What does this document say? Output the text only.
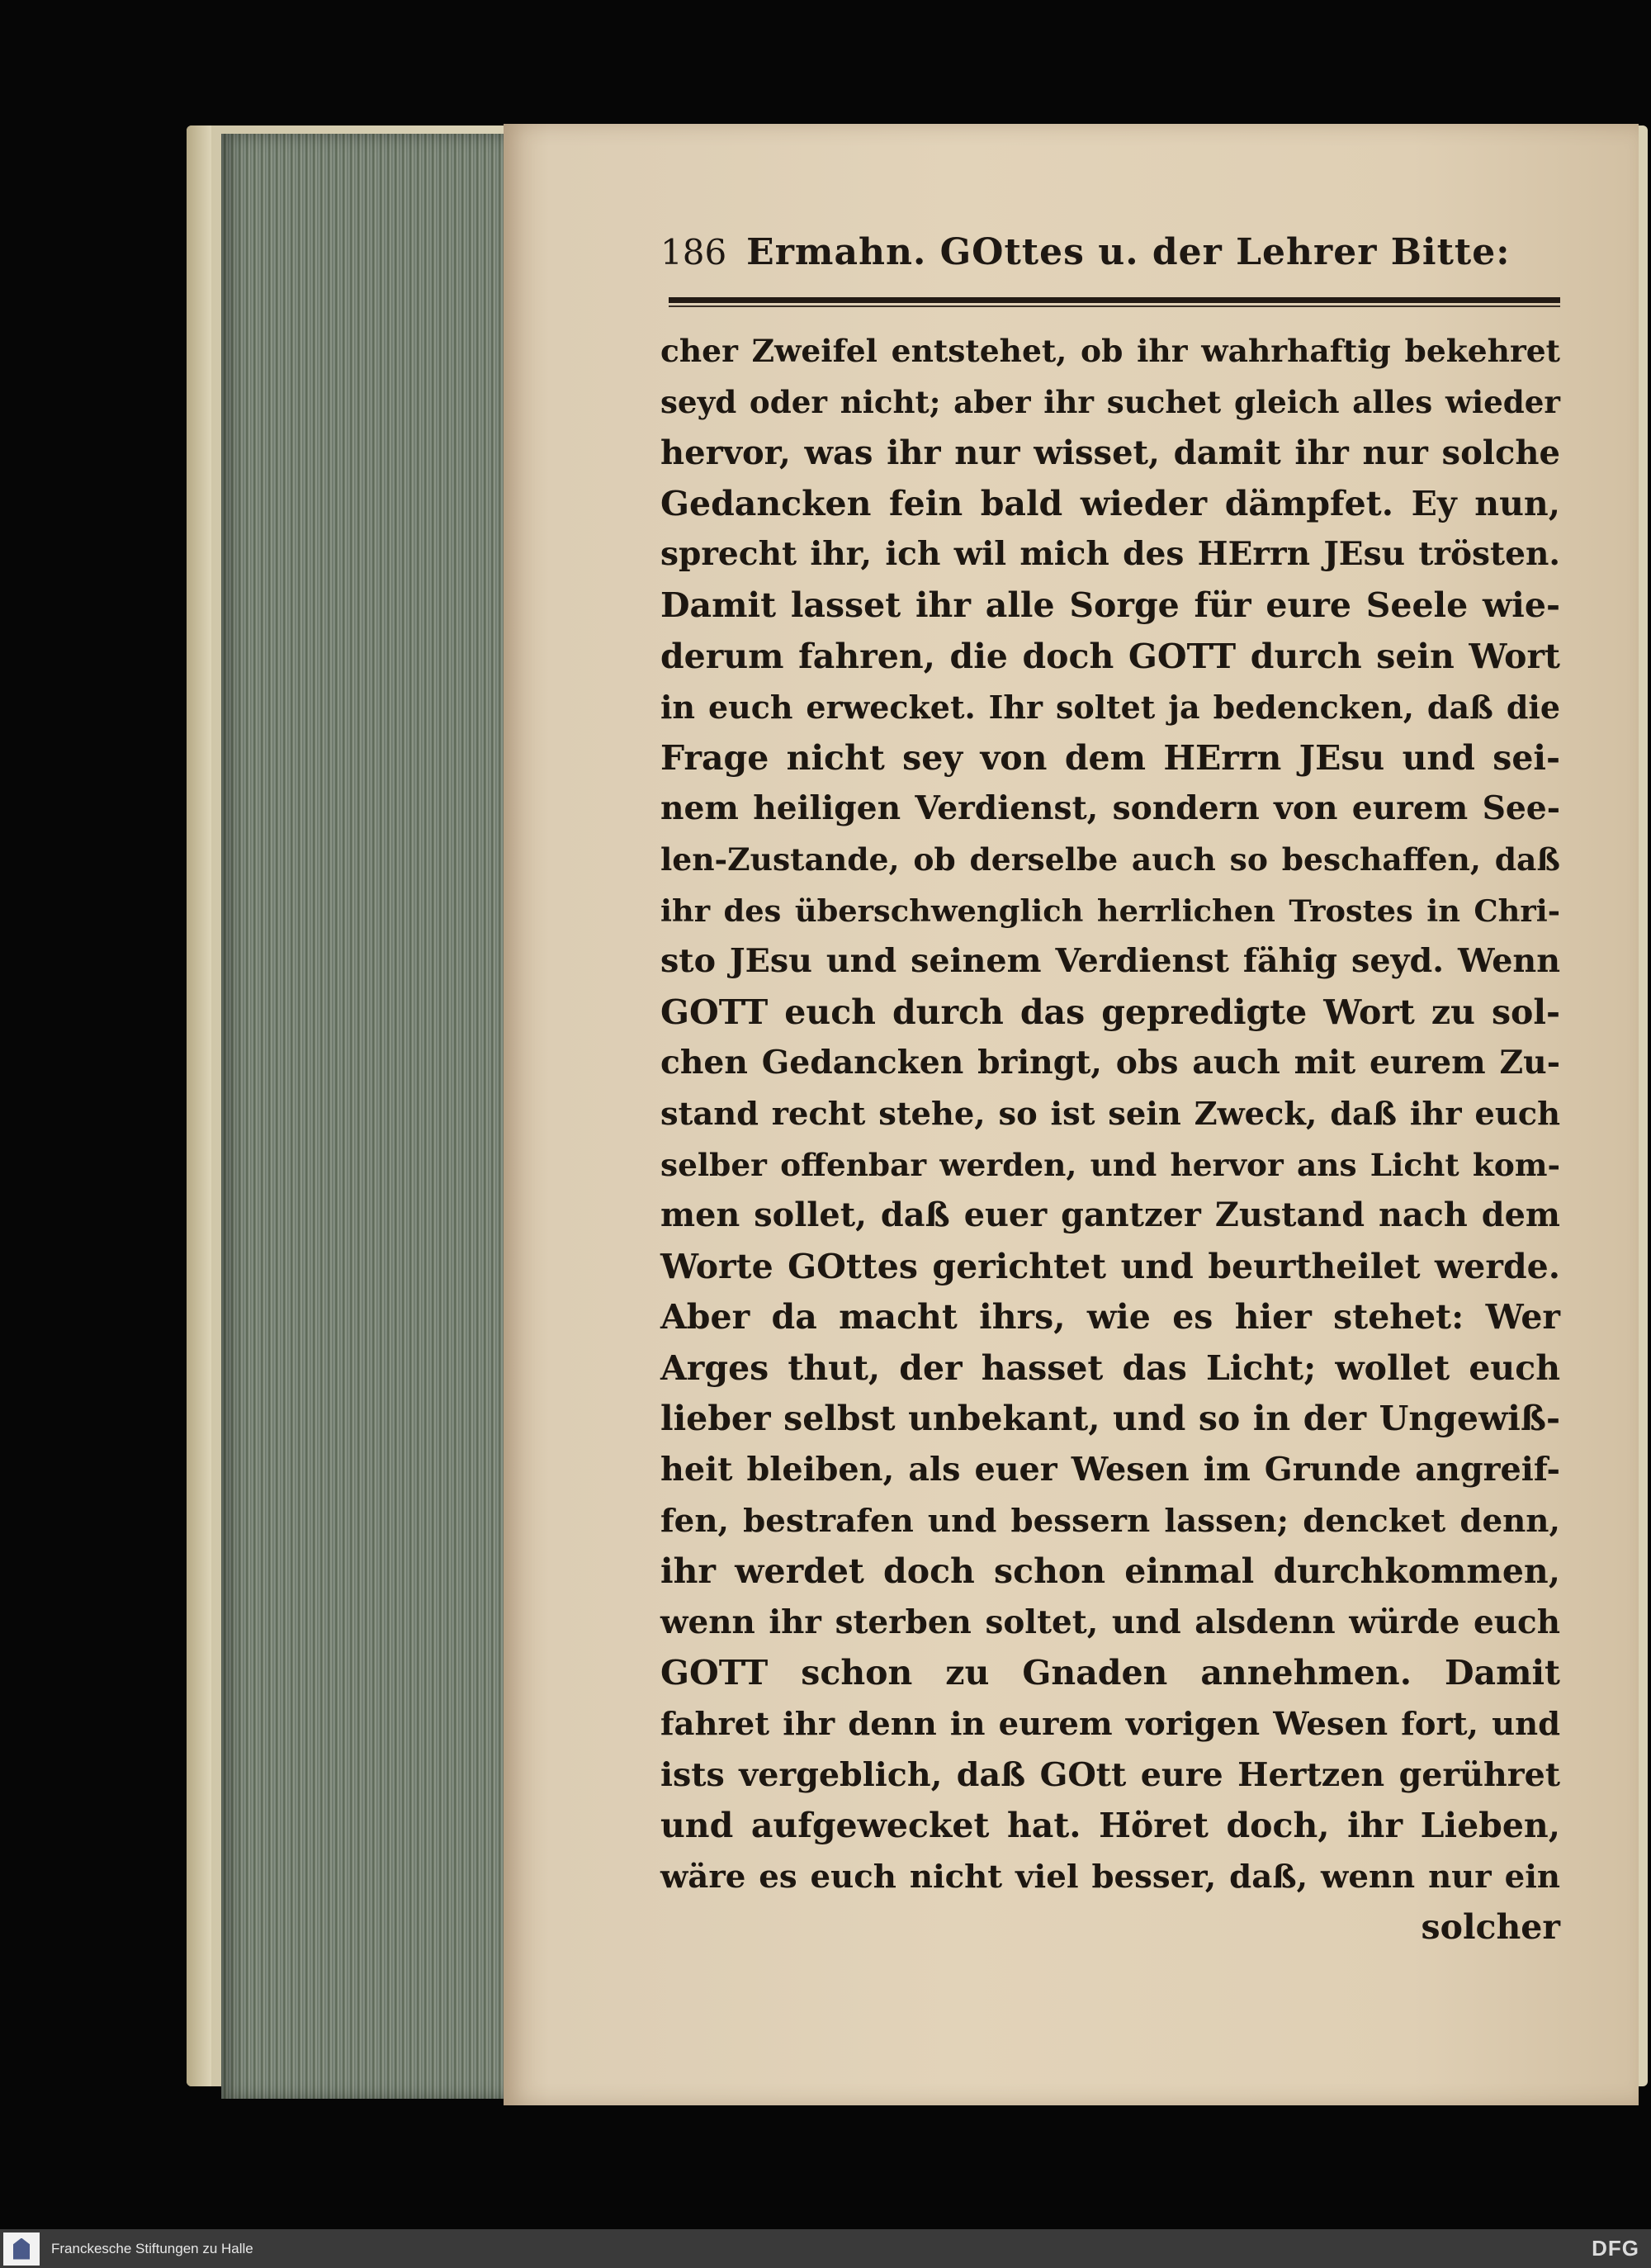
186 Ermahn. GOttes u. der Lehrer Bitte:
cher Zweifel entstehet, ob ihr wahrhaftig bekehret
seyd oder nicht; aber ihr suchet gleich alles wieder
hervor, was ihr nur wisset, damit ihr nur solche
Gedancken fein bald wieder dämpfet. Ey nun,
sprecht ihr, ich wil mich des HErrn JEsu trösten.
Damit lasset ihr alle Sorge für eure Seele wie-
derum fahren, die doch GOTT durch sein Wort
in euch erwecket. Ihr soltet ja bedencken, daß die
Frage nicht sey von dem HErrn JEsu und sei-
nem heiligen Verdienst, sondern von eurem See-
len-Zustande, ob derselbe auch so beschaffen, daß
ihr des überschwenglich herrlichen Trostes in Chri-
sto JEsu und seinem Verdienst fähig seyd. Wenn
GOTT euch durch das gepredigte Wort zu sol-
chen Gedancken bringt, obs auch mit eurem Zu-
stand recht stehe, so ist sein Zweck, daß ihr euch
selber offenbar werden, und hervor ans Licht kom-
men sollet, daß euer gantzer Zustand nach dem
Worte GOttes gerichtet und beurtheilet werde.
Aber da macht ihrs, wie es hier stehet: Wer
Arges thut, der hasset das Licht; wollet euch
lieber selbst unbekant, und so in der Ungewiß-
heit bleiben, als euer Wesen im Grunde angreif-
fen, bestrafen und bessern lassen; dencket denn,
ihr werdet doch schon einmal durchkommen,
wenn ihr sterben soltet, und alsdenn würde euch
GOTT schon zu Gnaden annehmen. Damit
fahret ihr denn in eurem vorigen Wesen fort, und
ists vergeblich, daß GOtt eure Hertzen gerühret
und aufgewecket hat. Höret doch, ihr Lieben,
wäre es euch nicht viel besser, daß, wenn nur ein
solcher
Franckesche Stiftungen zu Halle	DFG
